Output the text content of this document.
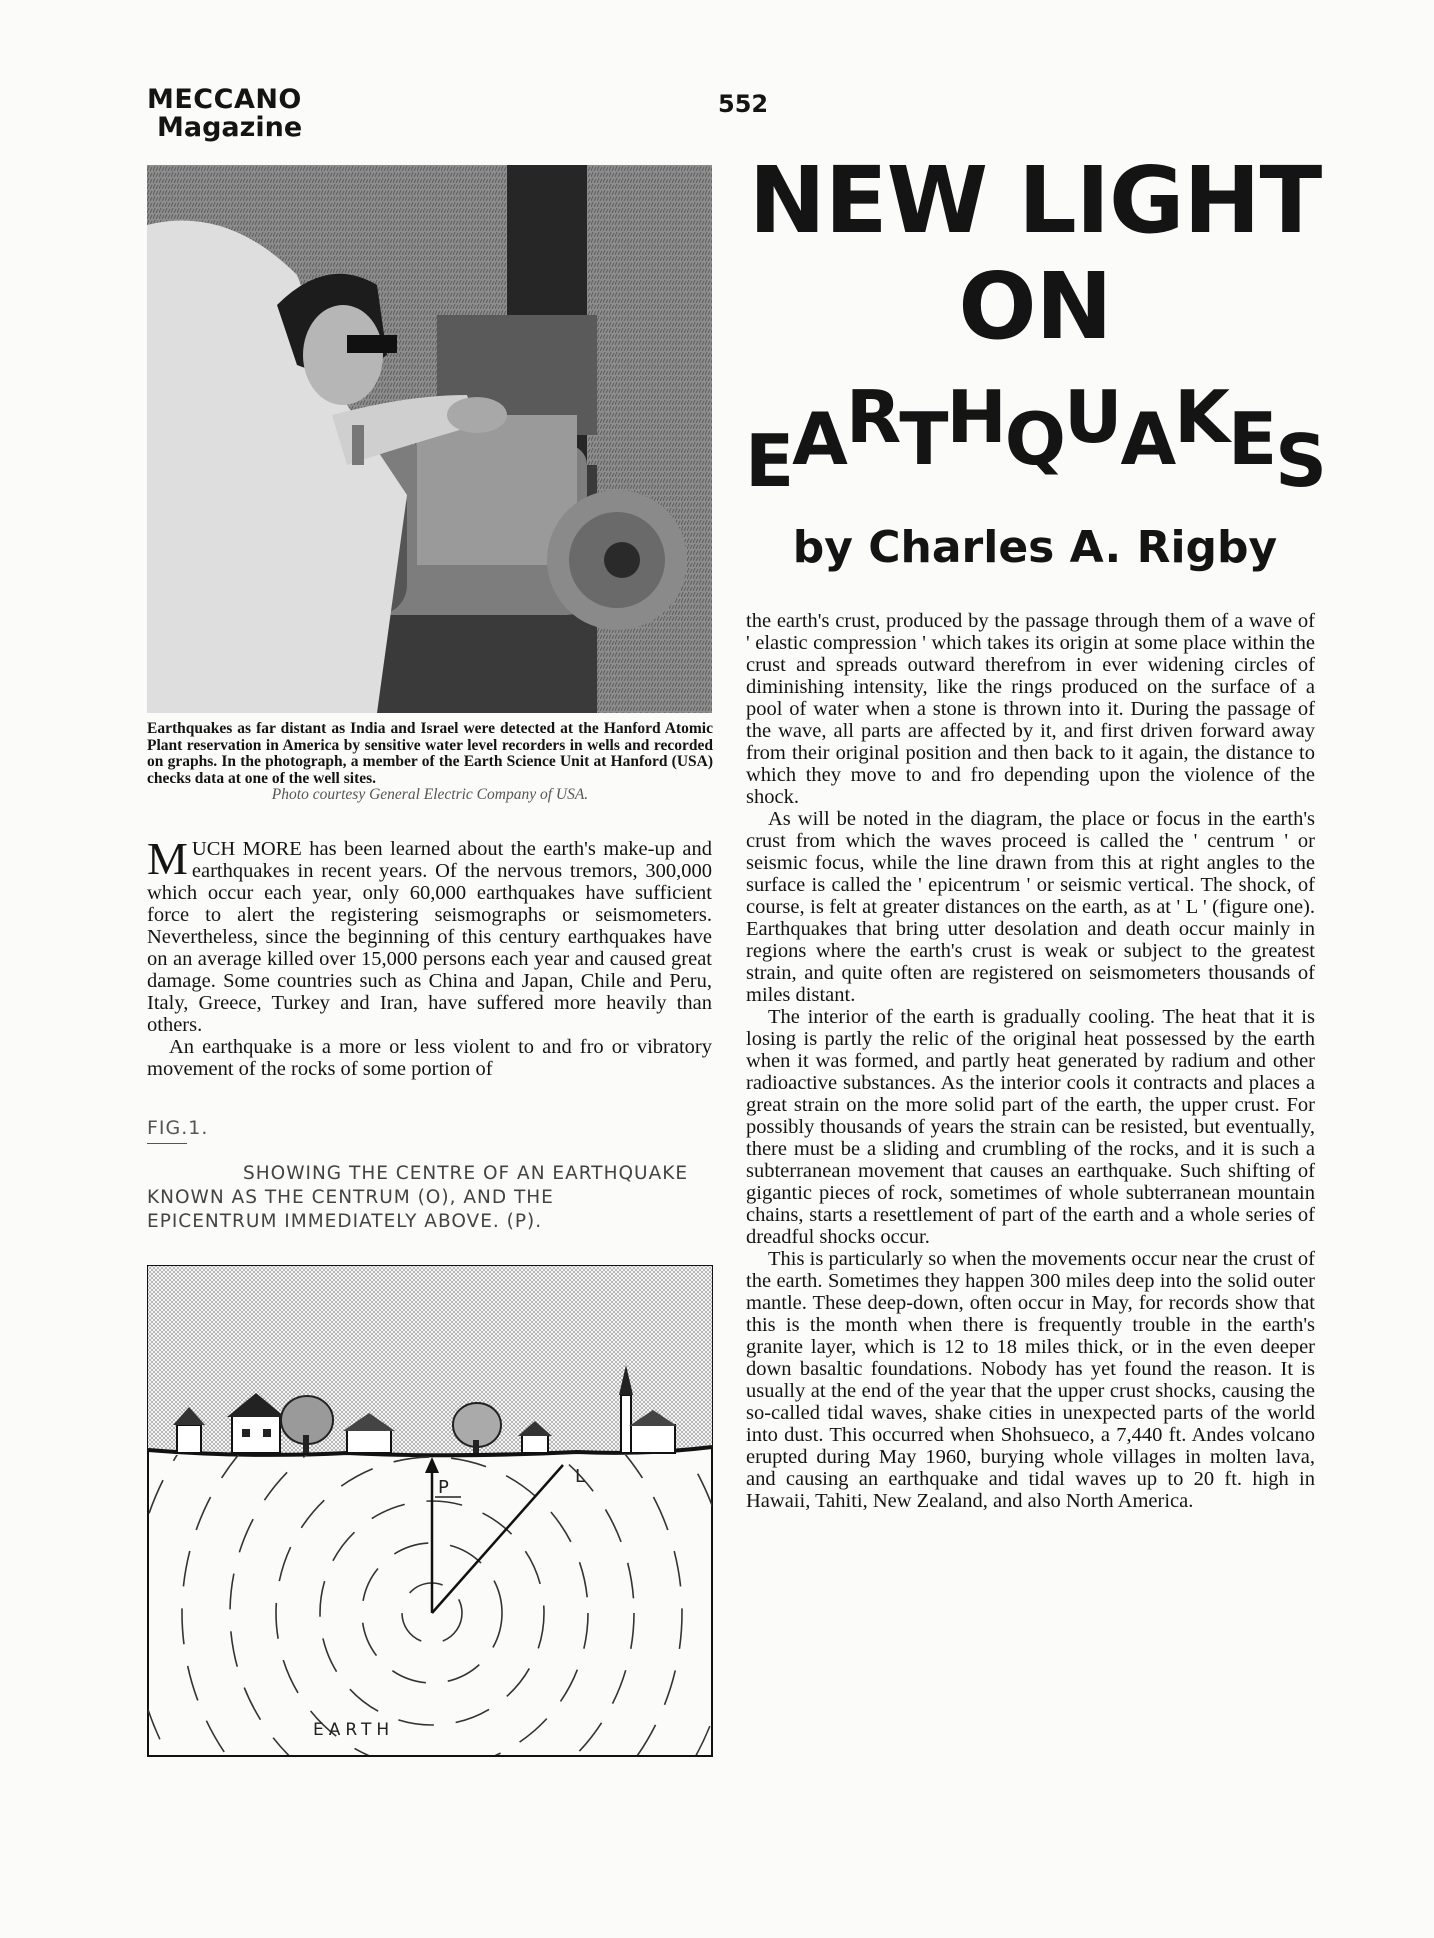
MECCANO
Magazine
552
Earthquakes as far distant as India and Israel were detected at the Hanford Atomic Plant reservation in America by sensitive water level recorders in wells and recorded on graphs. In the photograph, a member of the Earth Science Unit at Hanford (USA) checks data at one of the well sites.
Photo courtesy General Electric Company of USA.
NEW LIGHT
ON
EARTHQUAKES
by Charles A. Rigby

MUCH MORE has been learned about the earth's make-up and earthquakes in recent years. Of the nervous tremors, 300,000 which occur each year, only 60,000 earthquakes have sufficient force to alert the registering seismographs or seismometers. Nevertheless, since the beginning of this century earthquakes have on an average killed over 15,000 persons each year and caused great damage. Some countries such as China and Japan, Chile and Peru, Italy, Greece, Turkey and Iran, have suffered more heavily than others.

An earthquake is a more or less violent to and fro or vibratory movement of the rocks of some portion of

FIG.1.
SHOWING THE CENTRE OF AN EARTHQUAKE
KNOWN AS THE CENTRUM (O), AND THE
EPICENTRUM IMMEDIATELY ABOVE. (P).
P
L
EARTH

the earth's crust, produced by the passage through them of a wave of ' elastic compression ' which takes its origin at some place within the crust and spreads outward therefrom in ever widening circles of diminishing intensity, like the rings produced on the surface of a pool of water when a stone is thrown into it. During the passage of the wave, all parts are affected by it, and first driven forward away from their original position and then back to it again, the distance to which they move to and fro depending upon the violence of the shock.

As will be noted in the diagram, the place or focus in the earth's crust from which the waves proceed is called the ' centrum ' or seismic focus, while the line drawn from this at right angles to the surface is called the ' epicentrum ' or seismic vertical. The shock, of course, is felt at greater distances on the earth, as at ' L ' (figure one). Earthquakes that bring utter desolation and death occur mainly in regions where the earth's crust is weak or subject to the greatest strain, and quite often are registered on seismometers thousands of miles distant.

The interior of the earth is gradually cooling. The heat that it is losing is partly the relic of the original heat possessed by the earth when it was formed, and partly heat generated by radium and other radioactive substances. As the interior cools it contracts and places a great strain on the more solid part of the earth, the upper crust. For possibly thousands of years the strain can be resisted, but eventually, there must be a sliding and crumbling of the rocks, and it is such a subterranean movement that causes an earthquake. Such shifting of gigantic pieces of rock, sometimes of whole subterranean mountain chains, starts a resettlement of part of the earth and a whole series of dreadful shocks occur.

This is particularly so when the movements occur near the crust of the earth. Sometimes they happen 300 miles deep into the solid outer mantle. These deep-down, often occur in May, for records show that this is the month when there is frequently trouble in the earth's granite layer, which is 12 to 18 miles thick, or in the even deeper down basaltic foundations. Nobody has yet found the reason. It is usually at the end of the year that the upper crust shocks, causing the so-called tidal waves, shake cities in unexpected parts of the world into dust. This occurred when Shohsueco, a 7,440 ft. Andes volcano erupted during May 1960, burying whole villages in molten lava, and causing an earthquake and tidal waves up to 20 ft. high in Hawaii, Tahiti, New Zealand, and also North America.
